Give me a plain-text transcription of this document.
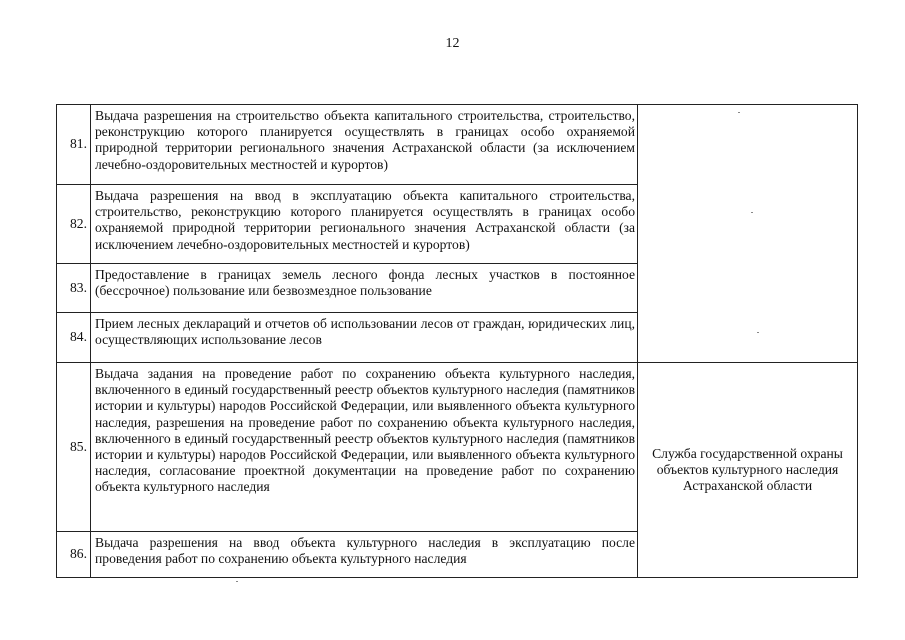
12
81.	Выдача разрешения на строительство объекта капитального строительства, строительство, реконструкцию которого планируется осуществлять в границах особо охраняемой природной территории регионального значения Астраханской области (за исключением лечебно-оздоровительных местностей и курортов)	
82.	Выдача разрешения на ввод в эксплуатацию объекта капитального строительства, строительство, реконструкцию которого планируется осуществлять в границах особо охраняемой природной территории регионального значения Астраханской области (за исключением лечебно-оздоровительных местностей и курортов)	
83.	Предоставление в границах земель лесного фонда лесных участков в постоянное (бессрочное) пользование или безвозмездное пользование	
84.	Прием лесных деклараций и отчетов об использовании лесов от граждан, юридических лиц, осуществляющих использование лесов	
85.	Выдача задания на проведение работ по сохранению объекта культурного наследия, включенного в единый государственный реестр объектов культурного наследия (памятников истории и культуры) народов Российской Федерации, или выявленного объекта культурного наследия, разрешения на проведение работ по сохранению объекта культурного наследия, включенного в единый государственный реестр объектов культурного наследия (памятников истории и культуры) народов Российской Федерации, или выявленного объекта культурного наследия, согласование проектной документации на проведение работ по сохранению объекта культурного наследия	Служба государственной охраны объектов культурного наследия Астраханской области
86.	Выдача разрешения на ввод объекта культурного наследия в эксплуатацию после проведения работ по сохранению объекта культурного наследия	
